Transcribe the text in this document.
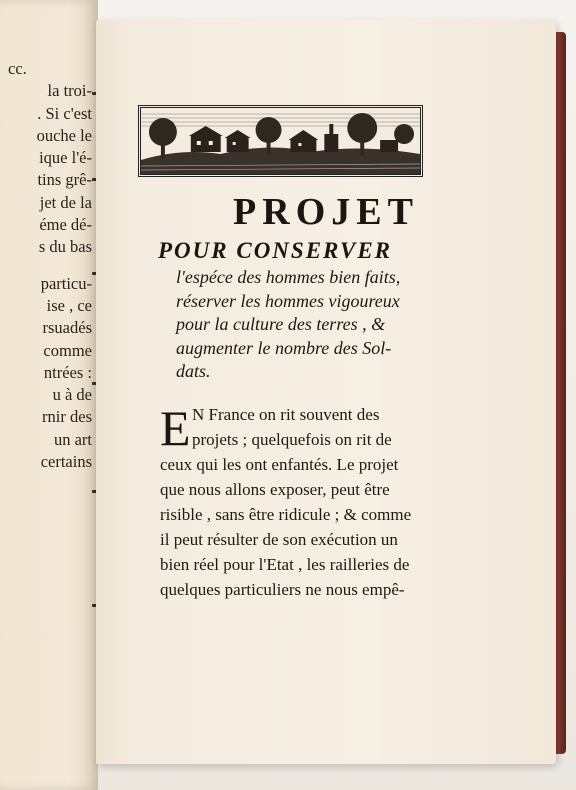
cc.
la troi-
. Si c'est
ouche le
ique l'é-
tins grê-
jet de la
éme dé-
s du bas
particu-
ise , ce
rsuadés
comme
ntrées :
u à de
rnir des
un art
certains
PROJET
POUR CONSERVER
l'espéce des hommes bien faits,
réserver les hommes vigoureux
pour la culture des terres , &
augmenter le nombre des Sol-
dats.
E N France on rit souvent des
projets ; quelquefois on rit de
ceux qui les ont enfantés. Le projet
que nous allons exposer, peut être
risible , sans être ridicule ; & comme
il peut résulter de son exécution un
bien réel pour l'Etat , les railleries de
quelques particuliers ne nous empê-
